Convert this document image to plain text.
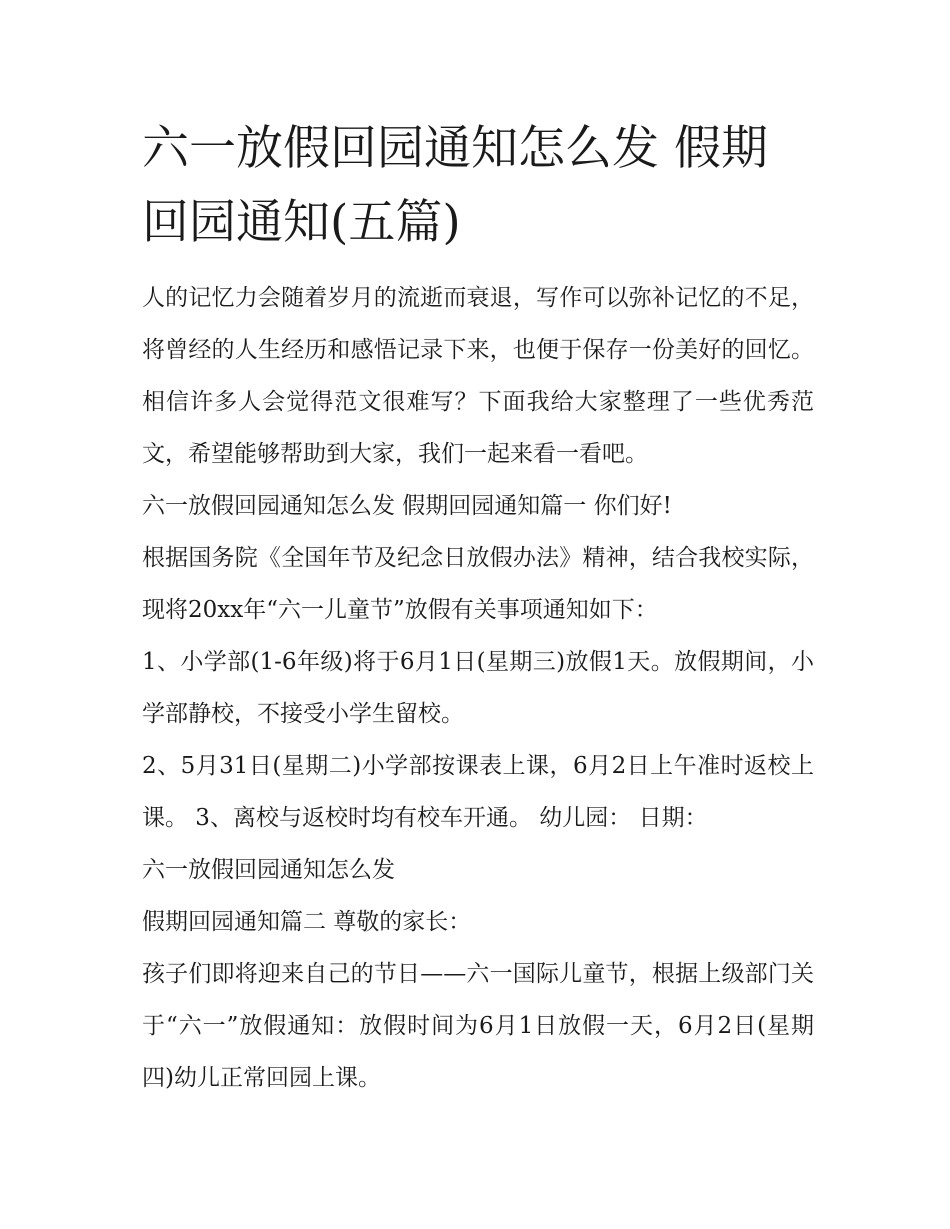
六一放假回园通知怎么发 假期回园通知(五篇)

人的记忆力会随着岁月的流逝而衰退，写作可以弥补记忆的不足，将曾经的人生经历和感悟记录下来，也便于保存一份美好的回忆。相信许多人会觉得范文很难写？下面我给大家整理了一些优秀范文，希望能够帮助到大家，我们一起来看一看吧。

六一放假回园通知怎么发 假期回园通知篇一 你们好!

根据国务院《全国年节及纪念日放假办法》精神，结合我校实际，现将20xx年“六一儿童节”放假有关事项通知如下：

1、小学部(1-6年级)将于6月1日(星期三)放假1天。放假期间，小学部静校，不接受小学生留校。

2、5月31日(星期二)小学部按课表上课，6月2日上午准时返校上课。 3、离校与返校时均有校车开通。 幼儿园： 日期：

六一放假回园通知怎么发

假期回园通知篇二 尊敬的家长：

孩子们即将迎来自己的节日——六一国际儿童节，根据上级部门关于“六一”放假通知：放假时间为6月1日放假一天，6月2日(星期四)幼儿正常回园上课。
